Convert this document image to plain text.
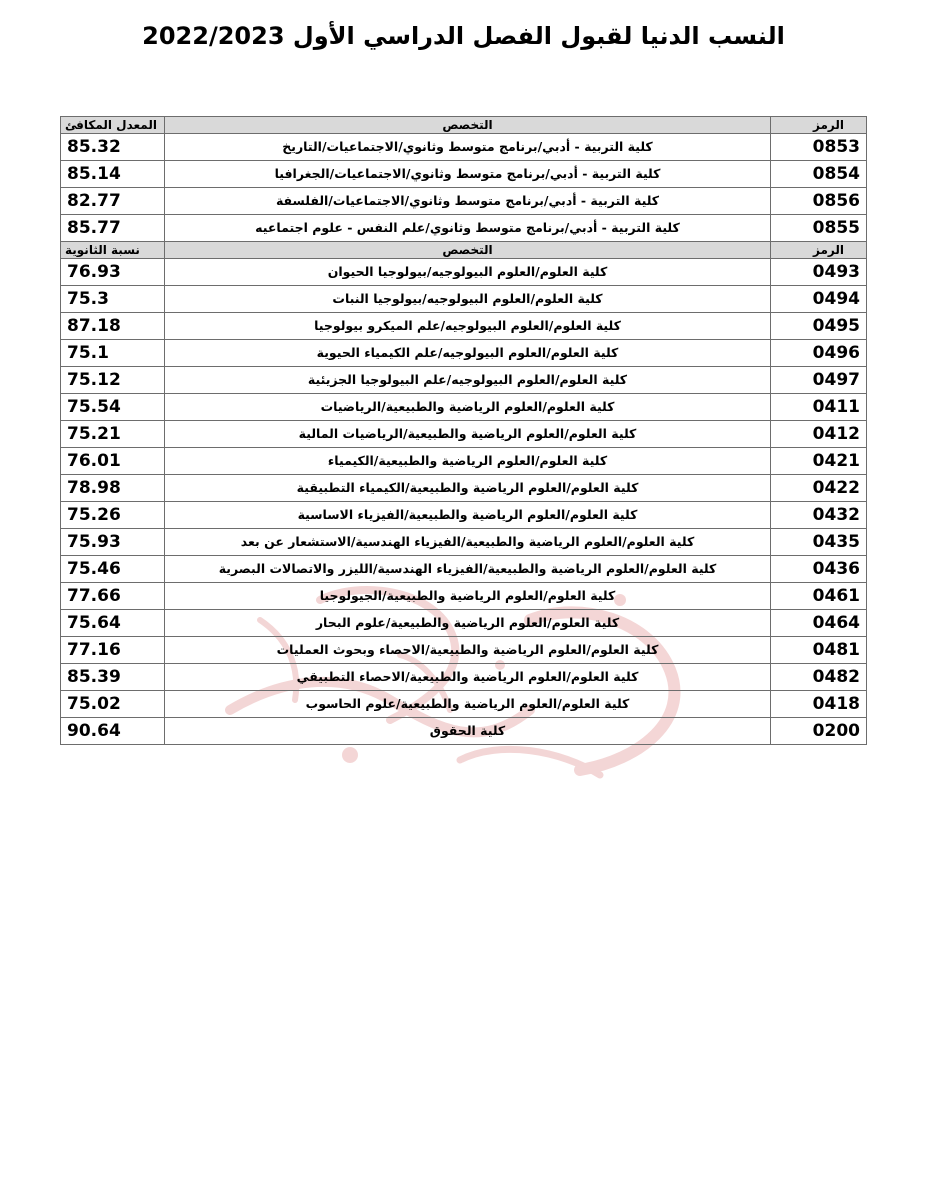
النسب الدنيا لقبول الفصل الدراسي الأول 2022/2023
الرمز	التخصص	المعدل المكافئ
0853	كلية التربية - أدبي/برنامج متوسط وثانوي/الاجتماعيات/التاريخ	85.32
0854	كلية التربية - أدبي/برنامج متوسط وثانوي/الاجتماعيات/الجغرافيا	85.14
0856	كلية التربية - أدبي/برنامج متوسط وثانوي/الاجتماعيات/الفلسفة	82.77
0855	كلية التربية - أدبي/برنامج متوسط وثانوي/علم النفس - علوم اجتماعيه	85.77
الرمز	التخصص	نسبة الثانوية
0493	كلية العلوم/العلوم البيولوجيه/بيولوجيا الحيوان	76.93
0494	كلية العلوم/العلوم البيولوجيه/بيولوجيا النبات	75.3
0495	كلية العلوم/العلوم البيولوجيه/علم الميكرو بيولوجيا	87.18
0496	كلية العلوم/العلوم البيولوجيه/علم الكيمياء الحيوية	75.1
0497	كلية العلوم/العلوم البيولوجيه/علم البيولوجيا الجزيئية	75.12
0411	كلية العلوم/العلوم الرياضية والطبيعية/الرياضيات	75.54
0412	كلية العلوم/العلوم الرياضية والطبيعية/الرياضيات المالية	75.21
0421	كلية العلوم/العلوم الرياضية والطبيعية/الكيمياء	76.01
0422	كلية العلوم/العلوم الرياضية والطبيعية/الكيمياء التطبيقية	78.98
0432	كلية العلوم/العلوم الرياضية والطبيعية/الفيزياء الاساسية	75.26
0435	كلية العلوم/العلوم الرياضية والطبيعية/الفيزياء الهندسية/الاستشعار عن بعد	75.93
0436	كلية العلوم/العلوم الرياضية والطبيعية/الفيزياء الهندسية/الليزر والاتصالات البصرية	75.46
0461	كلية العلوم/العلوم الرياضية والطبيعية/الجيولوجيا	77.66
0464	كلية العلوم/العلوم الرياضية والطبيعية/علوم البحار	75.64
0481	كلية العلوم/العلوم الرياضية والطبيعية/الاحصاء وبحوث العمليات	77.16
0482	كلية العلوم/العلوم الرياضية والطبيعية/الاحصاء التطبيقي	85.39
0418	كلية العلوم/العلوم الرياضية والطبيعية/علوم الحاسوب	75.02
0200	كلية الحقوق	90.64
